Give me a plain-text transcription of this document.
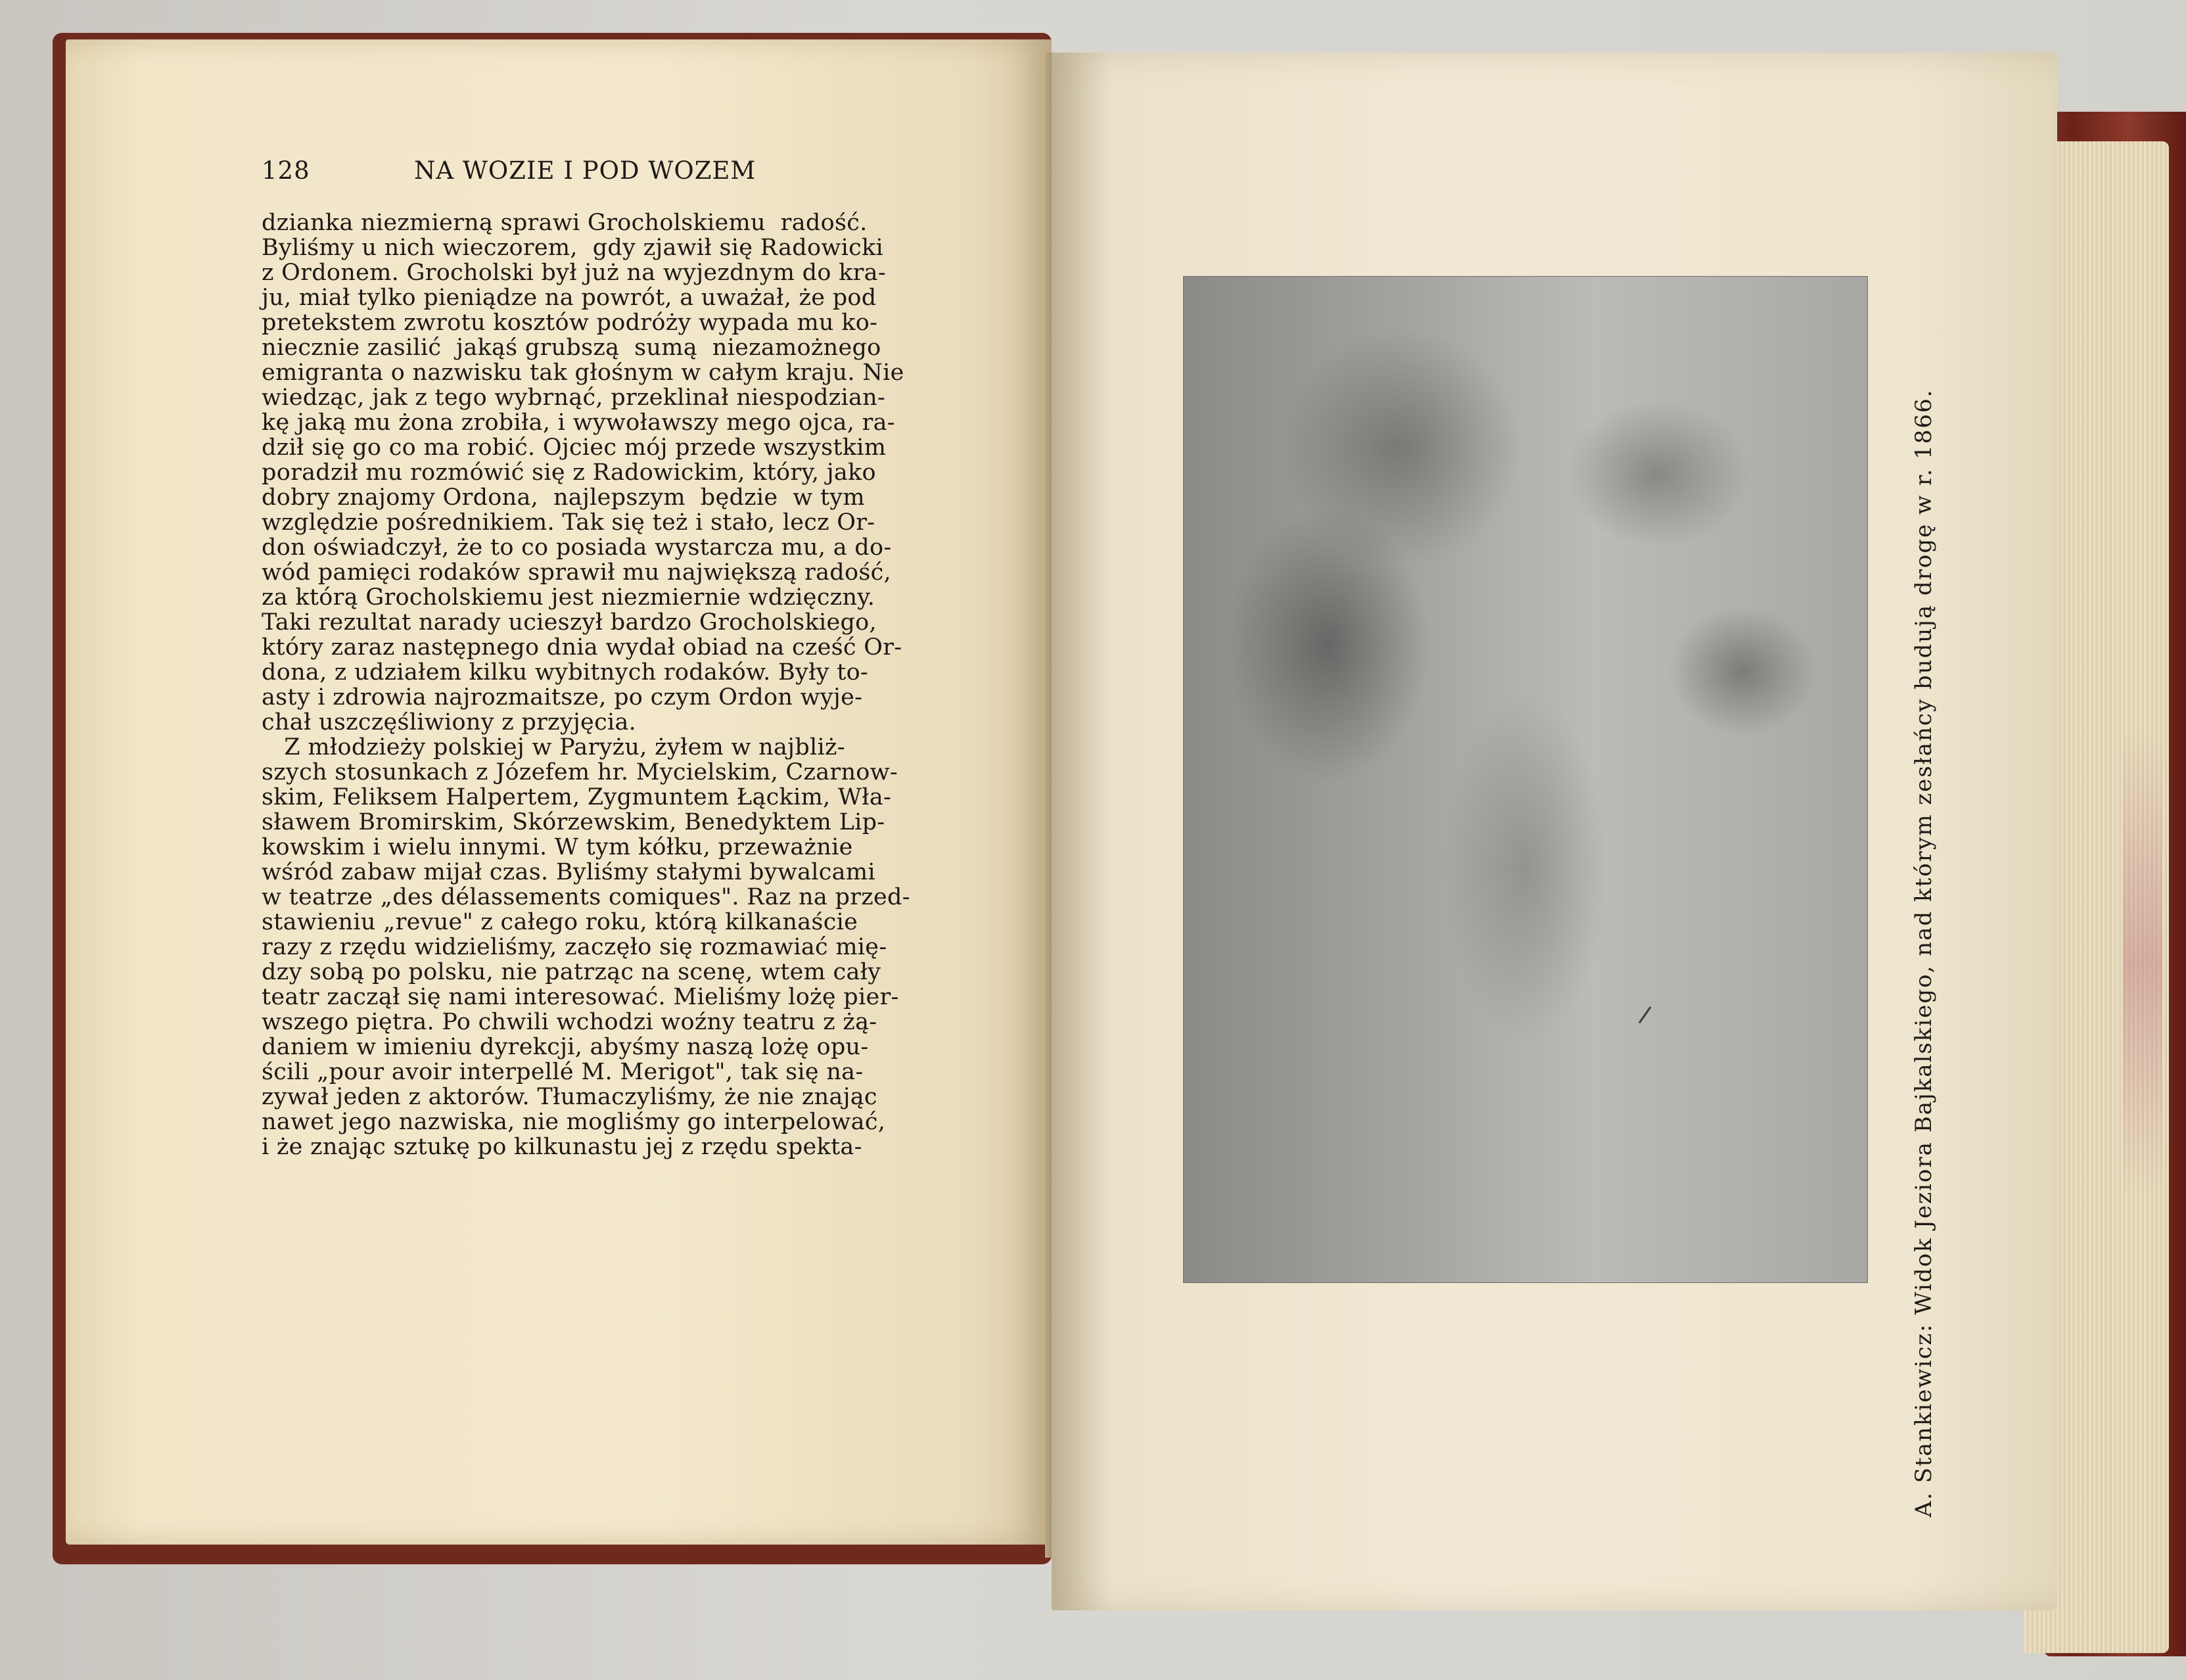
128	NA WOZIE I POD WOZEM
dzianka niezmierną sprawi Grocholskiemu  radość.
Byliśmy u nich wieczorem,  gdy zjawił się Radowicki
z Ordonem. Grocholski był już na wyjezdnym do kra-
ju, miał tylko pieniądze na powrót, a uważał, że pod
pretekstem zwrotu kosztów podróży wypada mu ko-
niecznie zasilić  jakąś grubszą  sumą  niezamożnego
emigranta o nazwisku tak głośnym w całym kraju. Nie
wiedząc, jak z tego wybrnąć, przeklinał niespodzian-
kę jaką mu żona zrobiła, i wywoławszy mego ojca, ra-
dził się go co ma robić. Ojciec mój przede wszystkim
poradził mu rozmówić się z Radowickim, który, jako
dobry znajomy Ordona,  najlepszym  będzie  w tym
względzie pośrednikiem. Tak się też i stało, lecz Or-
don oświadczył, że to co posiada wystarcza mu, a do-
wód pamięci rodaków sprawił mu największą radość,
za którą Grocholskiemu jest niezmiernie wdzięczny.
Taki rezultat narady ucieszył bardzo Grocholskiego,
który zaraz następnego dnia wydał obiad na cześć Or-
dona, z udziałem kilku wybitnych rodaków. Były to-
asty i zdrowia najrozmaitsze, po czym Ordon wyje-
chał uszczęśliwiony z przyjęcia.
Z młodzieży polskiej w Paryżu, żyłem w najbliż-
szych stosunkach z Józefem hr. Mycielskim, Czarnow-
skim, Feliksem Halpertem, Zygmuntem Łąckim, Wła-
sławem Bromirskim, Skórzewskim, Benedyktem Lip-
kowskim i wielu innymi. W tym kółku, przeważnie
wśród zabaw mijał czas. Byliśmy stałymi bywalcami
w teatrze „des délassements comiques". Raz na przed-
stawieniu „revue" z całego roku, którą kilkanaście
razy z rzędu widzieliśmy, zaczęło się rozmawiać mię-
dzy sobą po polsku, nie patrząc na scenę, wtem cały
teatr zaczął się nami interesować. Mieliśmy lożę pier-
wszego piętra. Po chwili wchodzi woźny teatru z żą-
daniem w imieniu dyrekcji, abyśmy naszą lożę opu-
ścili „pour avoir interpellé M. Merigot", tak się na-
zywał jeden z aktorów. Tłumaczyliśmy, że nie znając
nawet jego nazwiska, nie mogliśmy go interpelować,
i że znając sztukę po kilkunastu jej z rzędu spekta-	A. Stankiewicz: Widok Jeziora Bajkalskiego, nad którym zesłańcy budują drogę w r. 1866.
